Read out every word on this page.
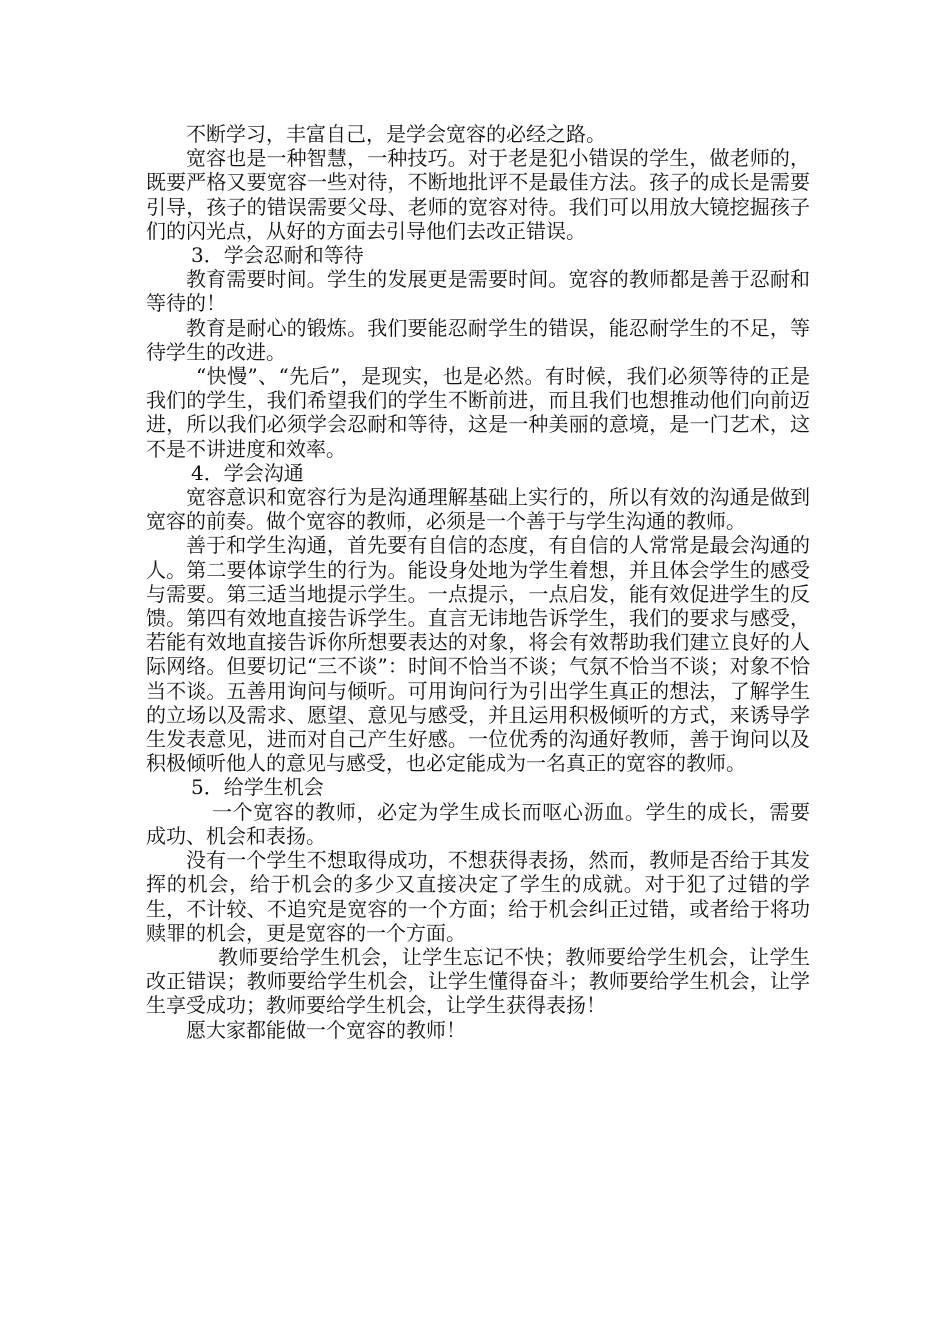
不断学习，丰富自己，是学会宽容的必经之路。

宽容也是一种智慧，一种技巧。对于老是犯小错误的学生，做老师的，既要严格又要宽容一些对待，不断地批评不是最佳方法。孩子的成长是需要引导，孩子的错误需要父母、老师的宽容对待。我们可以用放大镜挖掘孩子们的闪光点，从好的方面去引导他们去改正错误。

3．学会忍耐和等待

教育需要时间。学生的发展更是需要时间。宽容的教师都是善于忍耐和等待的！

教育是耐心的锻炼。我们要能忍耐学生的错误，能忍耐学生的不足，等待学生的改进。

“快慢”、“先后”，是现实，也是必然。有时候，我们必须等待的正是我们的学生，我们希望我们的学生不断前进，而且我们也想推动他们向前迈进，所以我们必须学会忍耐和等待，这是一种美丽的意境，是一门艺术，这不是不讲进度和效率。

4．学会沟通

宽容意识和宽容行为是沟通理解基础上实行的，所以有效的沟通是做到宽容的前奏。做个宽容的教师，必须是一个善于与学生沟通的教师。

善于和学生沟通，首先要有自信的态度，有自信的人常常是最会沟通的人。第二要体谅学生的行为。能设身处地为学生着想，并且体会学生的感受与需要。第三适当地提示学生。一点提示，一点启发，能有效促进学生的反馈。第四有效地直接告诉学生。直言无讳地告诉学生，我们的要求与感受，若能有效地直接告诉你所想要表达的对象，将会有效帮助我们建立良好的人际网络。但要切记“三不谈”：时间不恰当不谈；气氛不恰当不谈；对象不恰当不谈。五善用询问与倾听。可用询问行为引出学生真正的想法，了解学生的立场以及需求、愿望、意见与感受，并且运用积极倾听的方式，来诱导学生发表意见，进而对自己产生好感。一位优秀的沟通好教师，善于询问以及积极倾听他人的意见与感受，也必定能成为一名真正的宽容的教师。

5．给学生机会

一个宽容的教师，必定为学生成长而呕心沥血。学生的成长，需要成功、机会和表扬。

没有一个学生不想取得成功，不想获得表扬，然而，教师是否给于其发挥的机会，给于机会的多少又直接决定了学生的成就。对于犯了过错的学生，不计较、不追究是宽容的一个方面；给于机会纠正过错，或者给于将功赎罪的机会，更是宽容的一个方面。

教师要给学生机会，让学生忘记不快；教师要给学生机会，让学生改正错误；教师要给学生机会，让学生懂得奋斗；教师要给学生机会，让学生享受成功；教师要给学生机会，让学生获得表扬！

愿大家都能做一个宽容的教师！
